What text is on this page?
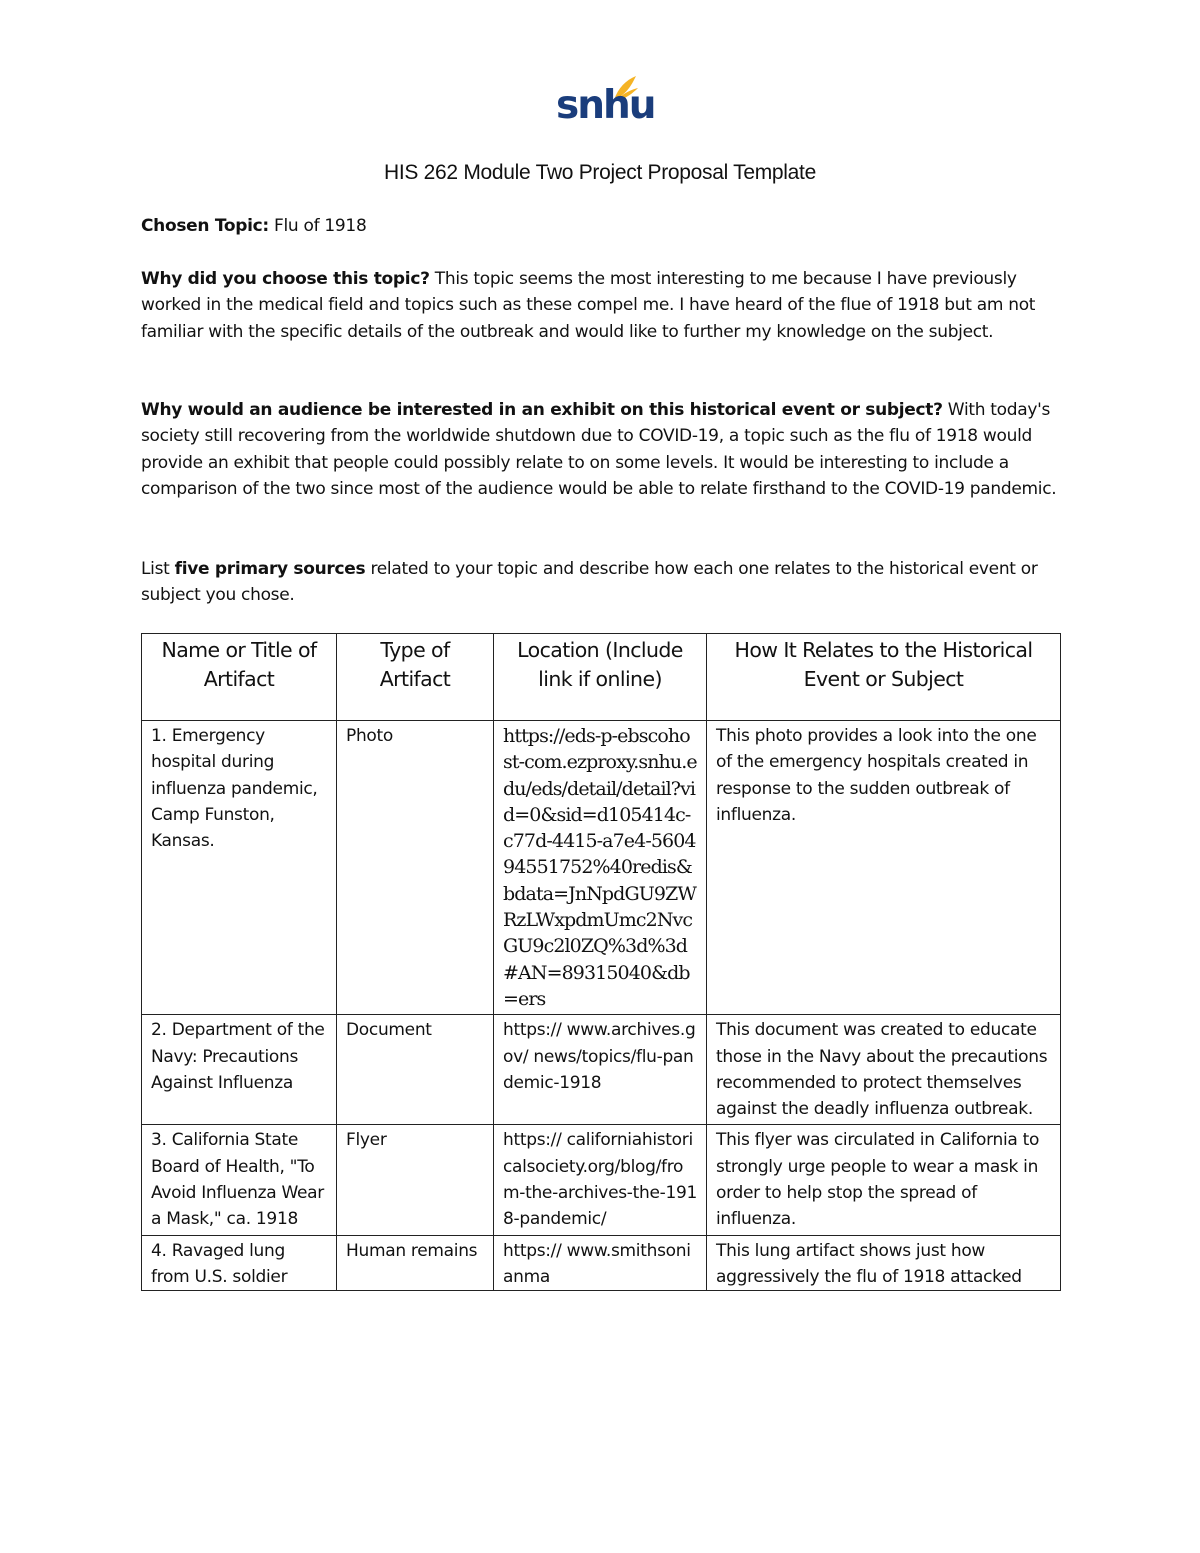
snhu
HIS 262 Module Two Project Proposal Template
Chosen Topic: Flu of 1918
Why did you choose this topic? This topic seems the most interesting to me because I have previously worked in the medical field and topics such as these compel me. I have heard of the flue of 1918 but am not familiar with the specific details of the outbreak and would like to further my knowledge on the subject.
Why would an audience be interested in an exhibit on this historical event or subject? With today's society still recovering from the worldwide shutdown due to COVID-19, a topic such as the flu of 1918 would provide an exhibit that people could possibly relate to on some levels. It would be interesting to include a comparison of the two since most of the audience would be able to relate firsthand to the COVID-19 pandemic.
List five primary sources related to your topic and describe how each one relates to the historical event or subject you chose.
Name or Title of Artifact	Type of Artifact	Location (Include link if online)	How It Relates to the Historical Event or Subject
1. Emergency hospital during influenza pandemic, Camp Funston, Kansas.	Photo	https://eds-p-ebscohost-com.ezproxy.snhu.edu/eds/detail/detail?vid=0&sid=d105414c-c77d-4415-a7e4-560494551752%40redis&bdata=JnNpdGU9ZWRzLWxpdmUmc2NvcGU9c2l0ZQ%3d%3d#AN=89315040&db=ers	This photo provides a look into the one of the emergency hospitals created in response to the sudden outbreak of influenza.
2. Department of the Navy: Precautions Against Influenza	Document	https:// www.archives.gov/ news/topics/flu-pandemic-1918	This document was created to educate those in the Navy about the precautions recommended to protect themselves against the deadly influenza outbreak.
3. California State Board of Health, "To Avoid Influenza Wear a Mask," ca. 1918	Flyer	https:// californiahistoricalsociety.org/blog/from-the-archives-the-1918-pandemic/	This flyer was circulated in California to strongly urge people to wear a mask in order to help stop the spread of influenza.
4. Ravaged lung from U.S. soldier	Human remains	https:// www.smithsonianma	This lung artifact shows just how aggressively the flu of 1918 attacked
